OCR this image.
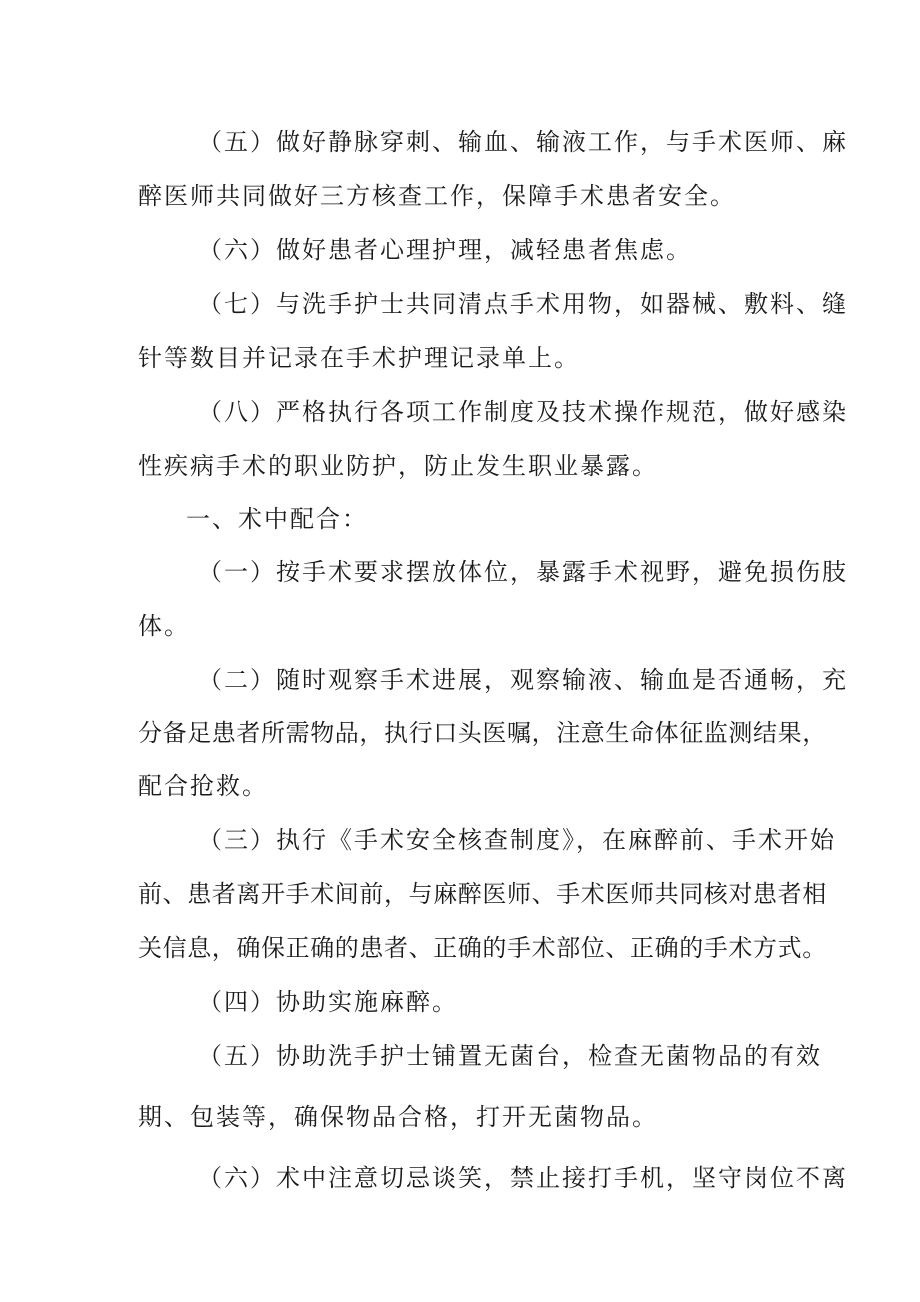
（五）做好静脉穿刺、输血、输液工作，与手术医师、麻
醉医师共同做好三方核查工作，保障手术患者安全。
（六）做好患者心理护理，减轻患者焦虑。
（七）与洗手护士共同清点手术用物，如器械、敷料、缝
针等数目并记录在手术护理记录单上。
（八）严格执行各项工作制度及技术操作规范，做好感染
性疾病手术的职业防护，防止发生职业暴露。
一、术中配合：
（一）按手术要求摆放体位，暴露手术视野，避免损伤肢
体。
（二）随时观察手术进展，观察输液、输血是否通畅，充
分备足患者所需物品，执行口头医嘱，注意生命体征监测结果，
配合抢救。
（三）执行《手术安全核查制度》，在麻醉前、手术开始
前、患者离开手术间前，与麻醉医师、手术医师共同核对患者相
关信息，确保正确的患者、正确的手术部位、正确的手术方式。
（四）协助实施麻醉。
（五）协助洗手护士铺置无菌台，检查无菌物品的有效
期、包装等，确保物品合格，打开无菌物品。
（六）术中注意切忌谈笑，禁止接打手机，坚守岗位不离
